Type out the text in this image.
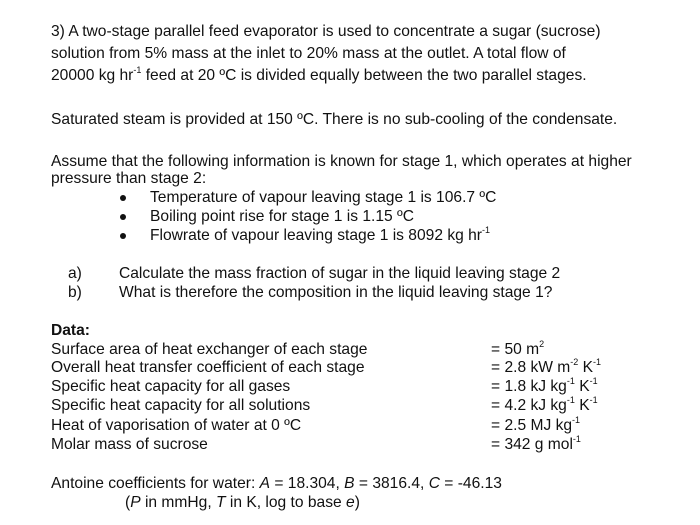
3) A two-stage parallel feed evaporator is used to concentrate a sugar (sucrose)
solution from 5% mass at the inlet to 20% mass at the outlet. A total flow of
20000 kg $hr^{-1}$ feed at 20 ºC is divided equally between the two parallel stages.
Saturated steam is provided at 150 ºC. There is no sub-cooling of the condensate.
Assume that the following information is known for stage 1, which operates at higher
pressure than stage 2:
Temperature of vapour leaving stage 1 is 106.7 ºC
Boiling point rise for stage 1 is 1.15 ºC
Flowrate of vapour leaving stage 1 is 8092 kg $hr^{-1}$
a) Calculate the mass fraction of sugar in the liquid leaving stage 2
b) What is therefore the composition in the liquid leaving stage 1?
Data:
Surface area of heat exchanger of each stage	= 50 $m^2$
Overall heat transfer coefficient of each stage	= 2.8 kW $m^{-2}$ $K^{-1}$
Specific heat capacity for all gases	= 1.8 kJ $kg^{-1}$ $K^{-1}$
Specific heat capacity for all solutions	= 4.2 kJ $kg^{-1}$ $K^{-1}$
Heat of vaporisation of water at 0 ºC	= 2.5 MJ $kg^{-1}$
Molar mass of sucrose	= 342 g mol$^{-1}$
Antoine coefficients for water: A = 18.304, B = 3816.4, C = -46.13
(P in mmHg, T in K, log to base e)
